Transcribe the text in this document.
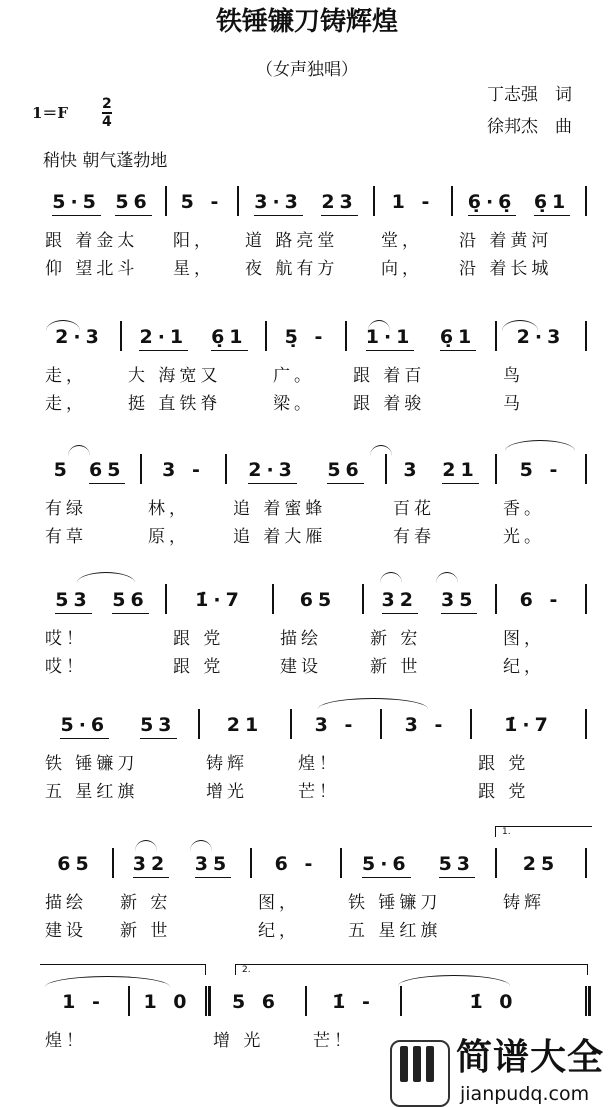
铁锤镰刀铸辉煌
（女声独唱）
丁志强　词
徐邦杰　曲
1＝F 2
4
稍快 朝气蓬勃地
5·5 56
跟 着金太
仰 望北斗
5 -
阳，
星，
3·3 23
道 路亮堂
夜 航有方
1 -
堂，
向，
6̣·6̣ 6̣1
沿 着黄河
沿 着长城
2·3
走，
走，
2·1 6̣1
大 海宽又
挺 直铁脊
5̣ -
广。
梁。
1·1 6̣1
跟 着百
跟 着骏
2·3
鸟
马
5 65
有绿
有草
3 -
林，
原，
2·3 56
追 着蜜蜂
追 着大雁
3 21
百花
有春
5 -
香。
光。
53 56
哎！
哎！
1̇·7
跟 党
跟 党
65
描绘
建设
32 35
新 宏
新 世
6 -
图，
纪，
5·6 53
铁 锤镰刀
五 星红旗
21
铸辉
增光
3 -
煌！
芒！
3 -	1̇·7
跟 党
跟 党
65
描绘
建设
32 35
新 宏
新 世
6 -
图，
纪，
5·6 53
铁 锤镰刀
五 星红旗
25
铸辉
1 -
煌！
1 0 5 6
增 光
1̇ -
芒！
1̇ 0
1.
2.
简谱大全
jianpudq.com
